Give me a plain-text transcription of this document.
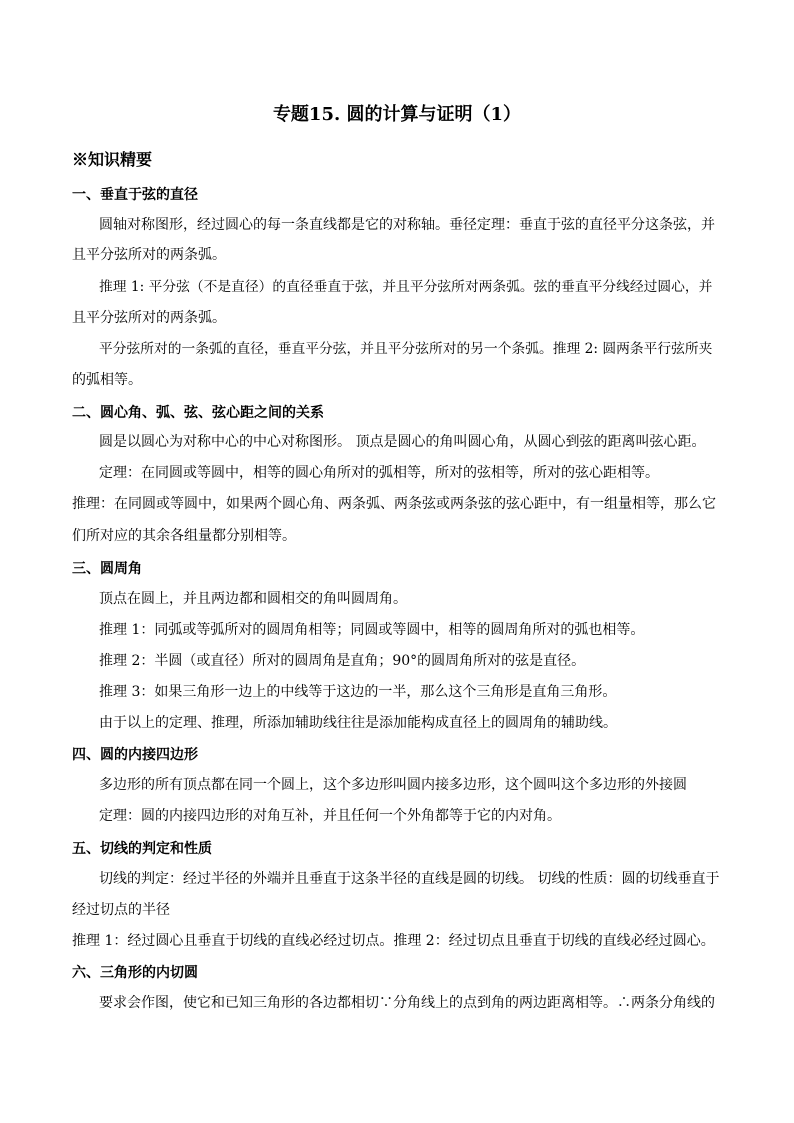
专题15. 圆的计算与证明（1）
※知识精要
一、垂直于弦的直径
圆轴对称图形，经过圆心的每一条直线都是它的对称轴。垂径定理：垂直于弦的直径平分这条弦，并
且平分弦所对的两条弧。
推理 1: 平分弦（不是直径）的直径垂直于弦，并且平分弦所对两条弧。弦的垂直平分线经过圆心，并
且平分弦所对的两条弧。
平分弦所对的一条弧的直径，垂直平分弦，并且平分弦所对的另一个条弧。推理 2: 圆两条平行弦所夹
的弧相等。
二、圆心角、弧、弦、弦心距之间的关系
圆是以圆心为对称中心的中心对称图形。 顶点是圆心的角叫圆心角，从圆心到弦的距离叫弦心距。
定理：在同圆或等圆中，相等的圆心角所对的弧相等，所对的弦相等，所对的弦心距相等。
推理：在同圆或等圆中，如果两个圆心角、两条弧、两条弦或两条弦的弦心距中，有一组量相等，那么它
们所对应的其余各组量都分别相等。
三、圆周角
顶点在圆上，并且两边都和圆相交的角叫圆周角。
推理 1：同弧或等弧所对的圆周角相等；同圆或等圆中，相等的圆周角所对的弧也相等。
推理 2：半圆（或直径）所对的圆周角是直角；90°的圆周角所对的弦是直径。
推理 3：如果三角形一边上的中线等于这边的一半，那么这个三角形是直角三角形。
由于以上的定理、推理，所添加辅助线往往是添加能构成直径上的圆周角的辅助线。
四、圆的内接四边形
多边形的所有顶点都在同一个圆上，这个多边形叫圆内接多边形，这个圆叫这个多边形的外接圆
定理：圆的内接四边形的对角互补，并且任何一个外角都等于它的内对角。
五、切线的判定和性质
切线的判定：经过半径的外端并且垂直于这条半径的直线是圆的切线。 切线的性质：圆的切线垂直于
经过切点的半径
推理 1：经过圆心且垂直于切线的直线必经过切点。推理 2：经过切点且垂直于切线的直线必经过圆心。
六、三角形的内切圆
要求会作图，使它和已知三角形的各边都相切∵分角线上的点到角的两边距离相等。∴两条分角线的
